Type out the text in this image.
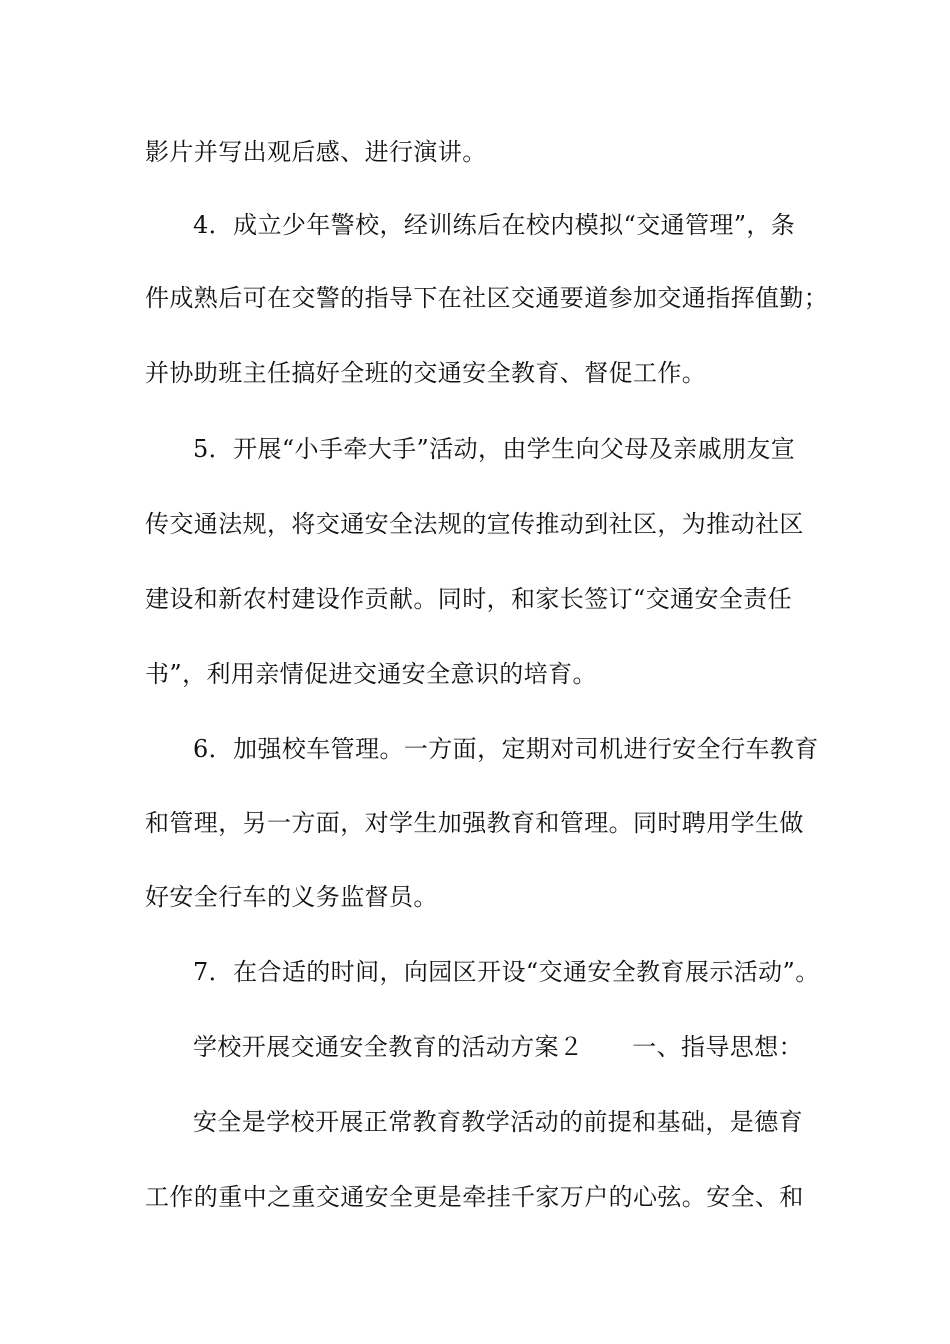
影片并写出观后感、进行演讲。
4．成立少年警校，经训练后在校内模拟“交通管理”，条
件成熟后可在交警的指导下在社区交通要道参加交通指挥值勤；
并协助班主任搞好全班的交通安全教育、督促工作。
5．开展“小手牵大手”活动，由学生向父母及亲戚朋友宣
传交通法规，将交通安全法规的宣传推动到社区，为推动社区
建设和新农村建设作贡献。同时，和家长签订“交通安全责任
书”，利用亲情促进交通安全意识的培育。
6．加强校车管理。一方面，定期对司机进行安全行车教育
和管理，另一方面，对学生加强教育和管理。同时聘用学生做
好安全行车的义务监督员。
7．在合适的时间，向园区开设“交通安全教育展示活动”。
学校开展交通安全教育的活动方案２　　一、指导思想：
安全是学校开展正常教育教学活动的前提和基础，是德育
工作的重中之重交通安全更是牵挂千家万户的心弦。安全、和
